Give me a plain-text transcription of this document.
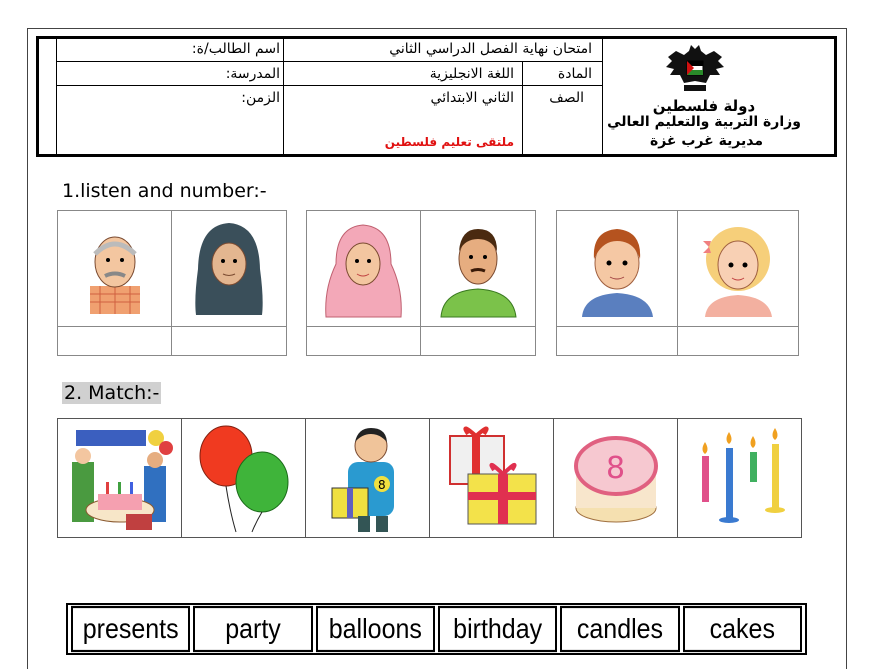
اسم الطالب/ة:	امتحان نهاية الفصل الدراسي الثاني
المدرسة:	اللغة الانجليزية	المادة
الزمن:	الثاني الابتدائي	الصف
ملتقى تعليم فلسطين
دولة فلسطين
وزارة التربية والتعليم العالي
مديرية غرب غزة
1.listen and number:-
2. Match:-
8	8
presents	party	balloons	birthday	candles	cakes
